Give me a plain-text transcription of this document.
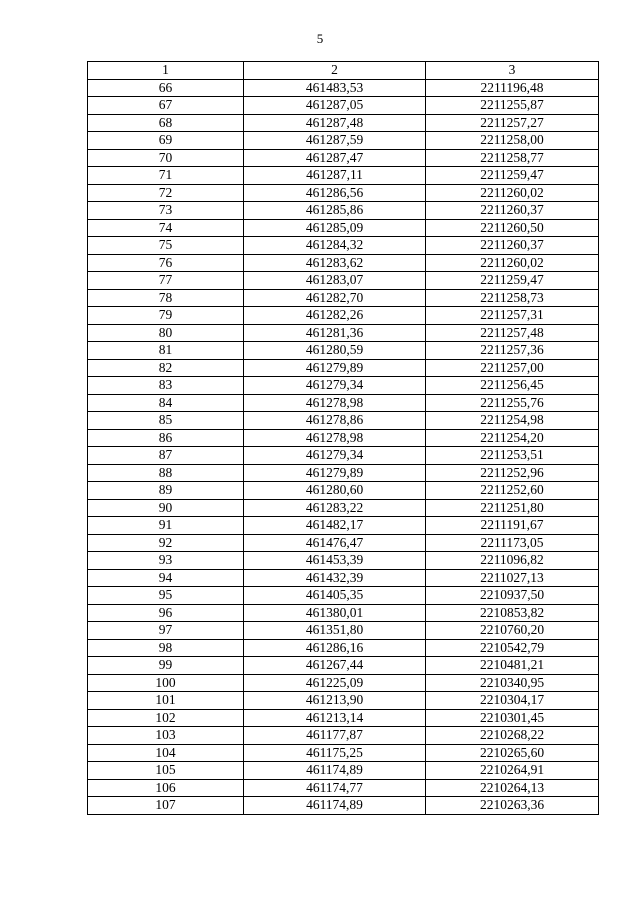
5
1	2	3
66	461483,53	2211196,48
67	461287,05	2211255,87
68	461287,48	2211257,27
69	461287,59	2211258,00
70	461287,47	2211258,77
71	461287,11	2211259,47
72	461286,56	2211260,02
73	461285,86	2211260,37
74	461285,09	2211260,50
75	461284,32	2211260,37
76	461283,62	2211260,02
77	461283,07	2211259,47
78	461282,70	2211258,73
79	461282,26	2211257,31
80	461281,36	2211257,48
81	461280,59	2211257,36
82	461279,89	2211257,00
83	461279,34	2211256,45
84	461278,98	2211255,76
85	461278,86	2211254,98
86	461278,98	2211254,20
87	461279,34	2211253,51
88	461279,89	2211252,96
89	461280,60	2211252,60
90	461283,22	2211251,80
91	461482,17	2211191,67
92	461476,47	2211173,05
93	461453,39	2211096,82
94	461432,39	2211027,13
95	461405,35	2210937,50
96	461380,01	2210853,82
97	461351,80	2210760,20
98	461286,16	2210542,79
99	461267,44	2210481,21
100	461225,09	2210340,95
101	461213,90	2210304,17
102	461213,14	2210301,45
103	461177,87	2210268,22
104	461175,25	2210265,60
105	461174,89	2210264,91
106	461174,77	2210264,13
107	461174,89	2210263,36
